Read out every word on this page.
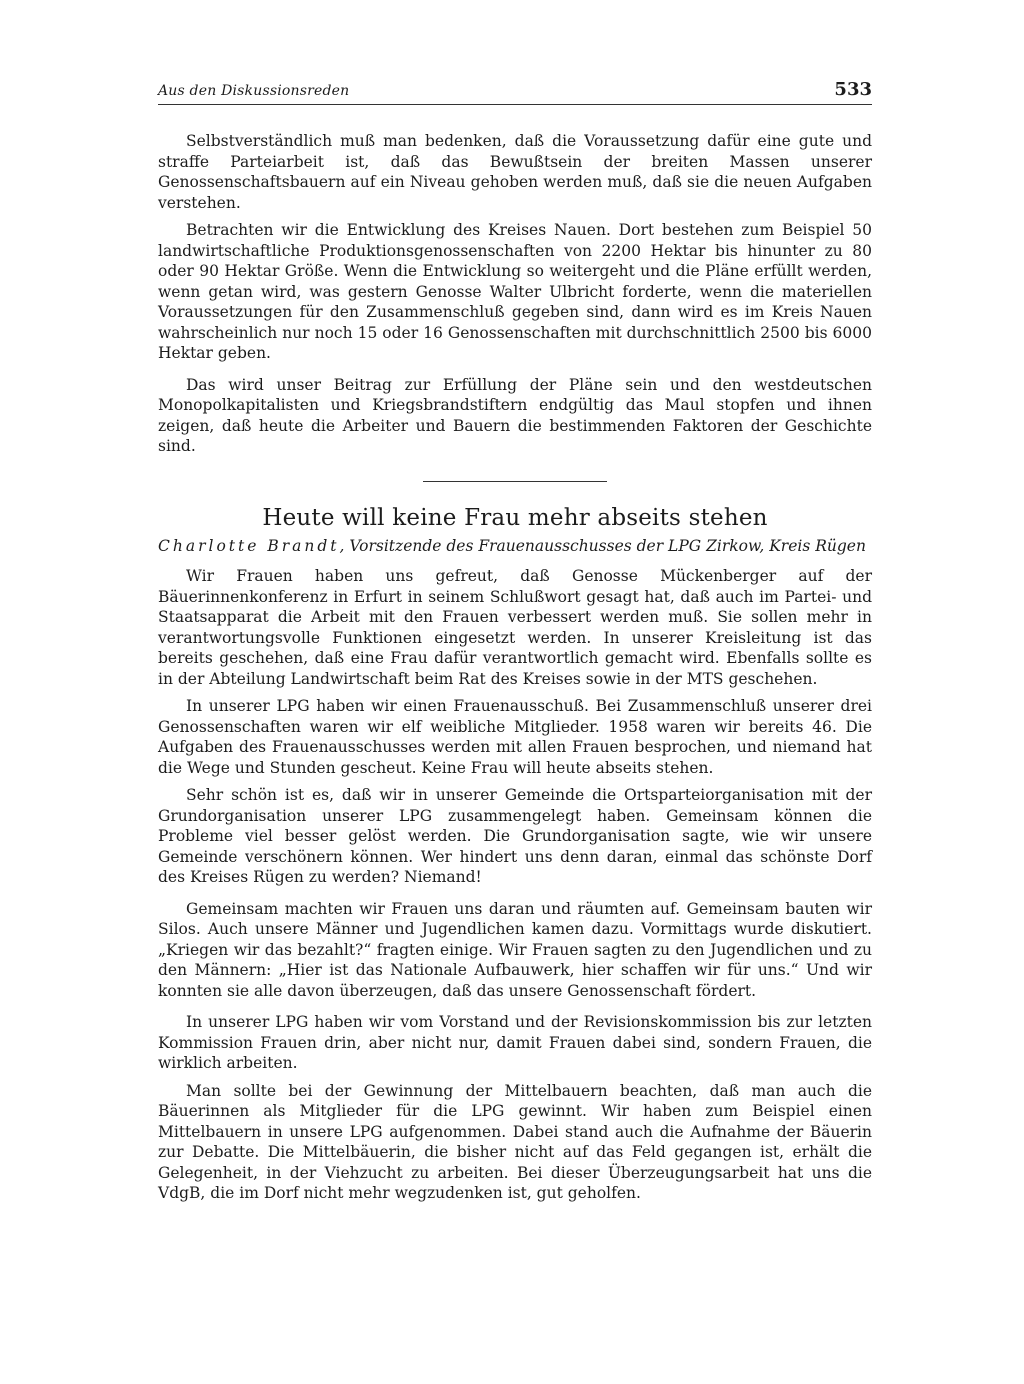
Aus den Diskussionsreden	533

Selbstverständlich muß man bedenken, daß die Voraussetzung dafür eine gute und straffe Parteiarbeit ist, daß das Bewußtsein der breiten Massen unserer Genossenschaftsbauern auf ein Niveau gehoben werden muß, daß sie die neuen Aufgaben verstehen.

Betrachten wir die Entwicklung des Kreises Nauen. Dort bestehen zum Beispiel 50 landwirtschaftliche Produktionsgenossenschaften von 2200 Hektar bis hinunter zu 80 oder 90 Hektar Größe. Wenn die Entwicklung so weitergeht und die Pläne erfüllt werden, wenn getan wird, was gestern Genosse Walter Ulbricht forderte, wenn die materiellen Voraussetzungen für den Zusammenschluß gegeben sind, dann wird es im Kreis Nauen wahrscheinlich nur noch 15 oder 16 Genossenschaften mit durchschnittlich 2500 bis 6000 Hektar geben.

Das wird unser Beitrag zur Erfüllung der Pläne sein und den westdeutschen Monopolkapitalisten und Kriegsbrandstiftern endgültig das Maul stopfen und ihnen zeigen, daß heute die Arbeiter und Bauern die bestimmenden Faktoren der Geschichte sind.

Heute will keine Frau mehr abseits stehen
Charlotte Brandt, Vorsitzende des Frauenausschusses der LPG Zirkow, Kreis Rügen

Wir Frauen haben uns gefreut, daß Genosse Mückenberger auf der Bäuerinnenkonferenz in Erfurt in seinem Schlußwort gesagt hat, daß auch im Partei- und Staatsapparat die Arbeit mit den Frauen verbessert werden muß. Sie sollen mehr in verantwortungsvolle Funktionen eingesetzt werden. In unserer Kreisleitung ist das bereits geschehen, daß eine Frau dafür verantwortlich gemacht wird. Ebenfalls sollte es in der Abteilung Landwirtschaft beim Rat des Kreises sowie in der MTS geschehen.

In unserer LPG haben wir einen Frauenausschuß. Bei Zusammenschluß unserer drei Genossenschaften waren wir elf weibliche Mitglieder. 1958 waren wir bereits 46. Die Aufgaben des Frauenausschusses werden mit allen Frauen besprochen, und niemand hat die Wege und Stunden gescheut. Keine Frau will heute abseits stehen.

Sehr schön ist es, daß wir in unserer Gemeinde die Ortsparteiorganisation mit der Grundorganisation unserer LPG zusammengelegt haben. Gemeinsam können die Probleme viel besser gelöst werden. Die Grundorganisation sagte, wie wir unsere Gemeinde verschönern können. Wer hindert uns denn daran, einmal das schönste Dorf des Kreises Rügen zu werden? Niemand!

Gemeinsam machten wir Frauen uns daran und räumten auf. Gemeinsam bauten wir Silos. Auch unsere Männer und Jugendlichen kamen dazu. Vormittags wurde diskutiert. „Kriegen wir das bezahlt?“ fragten einige. Wir Frauen sagten zu den Jugendlichen und zu den Männern: „Hier ist das Nationale Aufbauwerk, hier schaffen wir für uns.“ Und wir konnten sie alle davon überzeugen, daß das unsere Genossenschaft fördert.

In unserer LPG haben wir vom Vorstand und der Revisionskommission bis zur letzten Kommission Frauen drin, aber nicht nur, damit Frauen dabei sind, sondern Frauen, die wirklich arbeiten.

Man sollte bei der Gewinnung der Mittelbauern beachten, daß man auch die Bäuerinnen als Mitglieder für die LPG gewinnt. Wir haben zum Beispiel einen Mittelbauern in unsere LPG aufgenommen. Dabei stand auch die Aufnahme der Bäuerin zur Debatte. Die Mittelbäuerin, die bisher nicht auf das Feld gegangen ist, erhält die Gelegenheit, in der Viehzucht zu arbeiten. Bei dieser Überzeugungsarbeit hat uns die VdgB, die im Dorf nicht mehr wegzudenken ist, gut geholfen.
